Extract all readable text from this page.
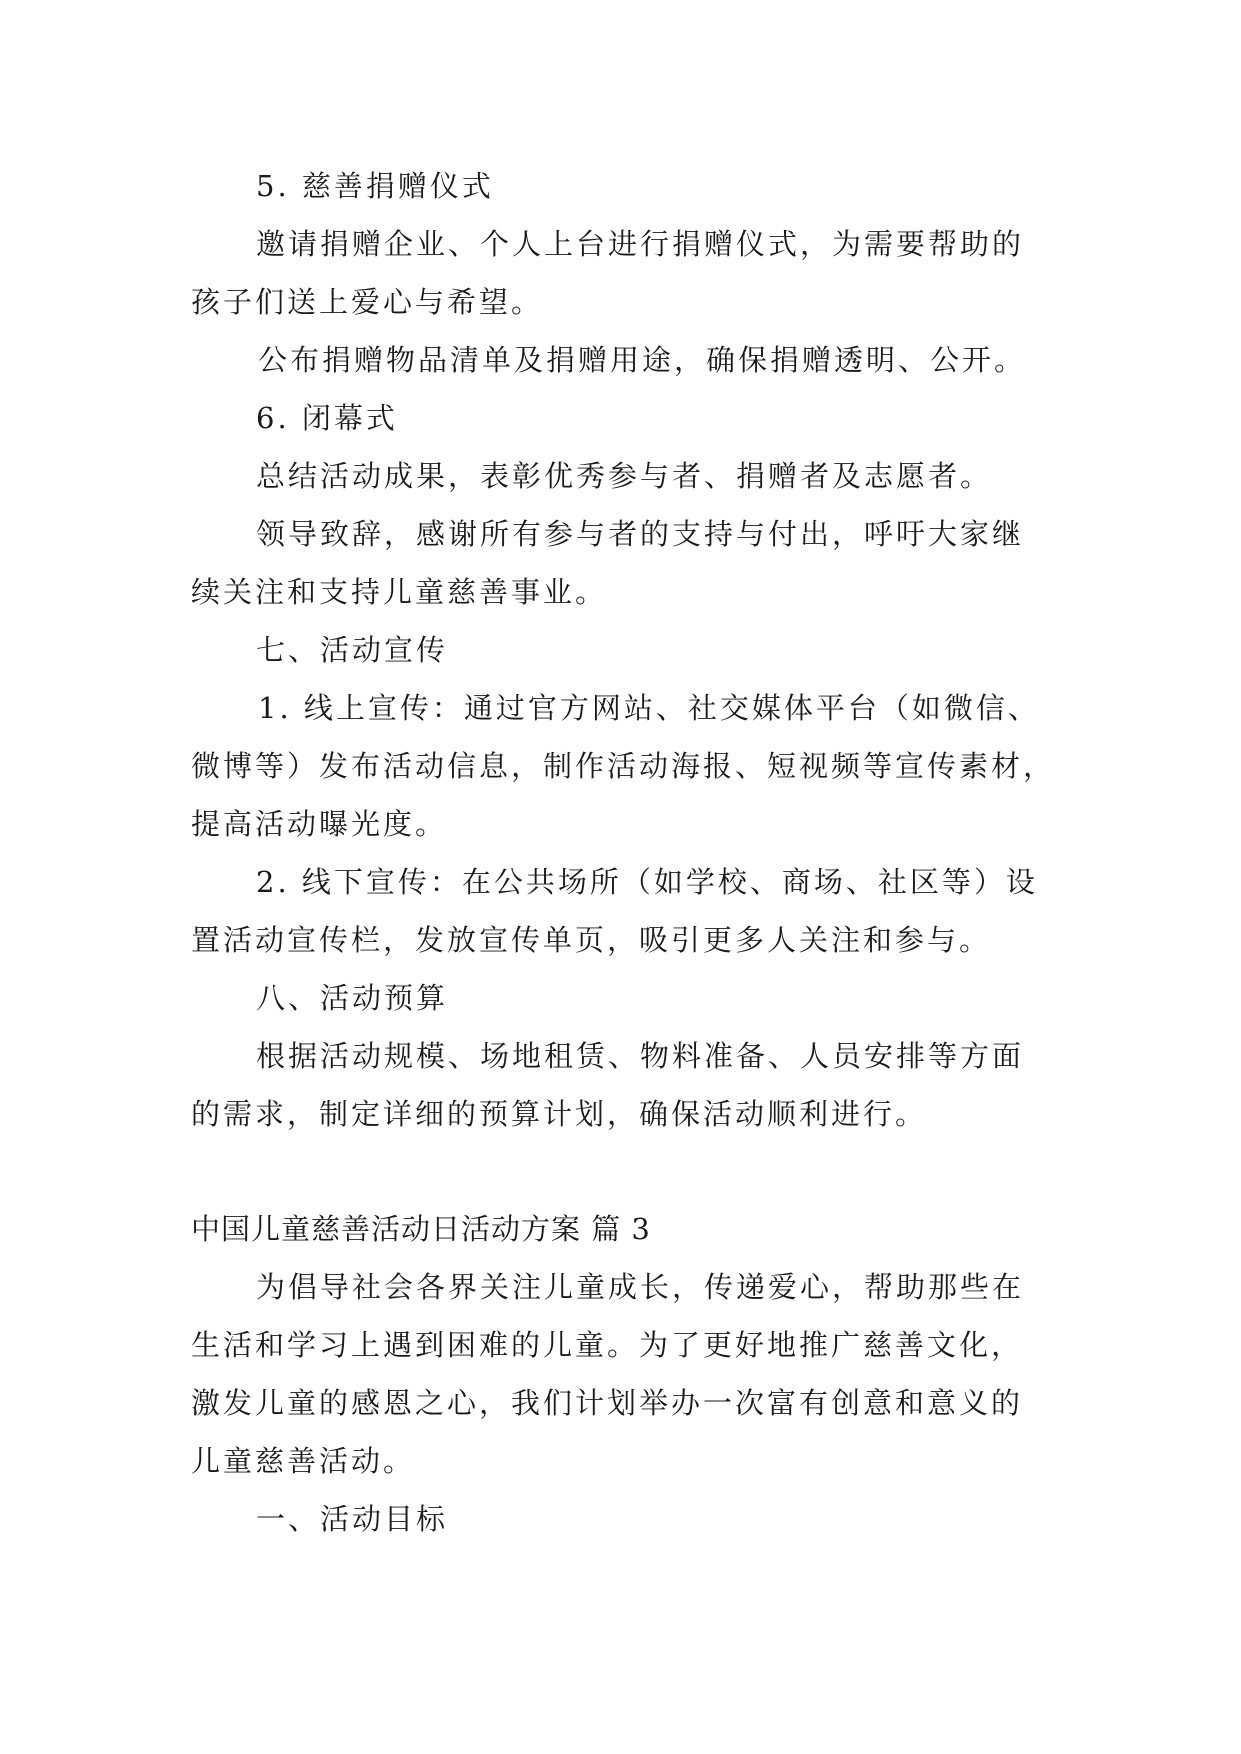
5. 慈善捐赠仪式
邀请捐赠企业、个人上台进行捐赠仪式，为需要帮助的
孩子们送上爱心与希望。
公布捐赠物品清单及捐赠用途，确保捐赠透明、公开。
6. 闭幕式
总结活动成果，表彰优秀参与者、捐赠者及志愿者。
领导致辞，感谢所有参与者的支持与付出，呼吁大家继
续关注和支持儿童慈善事业。
七、活动宣传
1. 线上宣传：通过官方网站、社交媒体平台（如微信、
微博等）发布活动信息，制作活动海报、短视频等宣传素材，
提高活动曝光度。
2. 线下宣传：在公共场所（如学校、商场、社区等）设
置活动宣传栏，发放宣传单页，吸引更多人关注和参与。
八、活动预算
根据活动规模、场地租赁、物料准备、人员安排等方面
的需求，制定详细的预算计划，确保活动顺利进行。
中国儿童慈善活动日活动方案 篇 3
为倡导社会各界关注儿童成长，传递爱心，帮助那些在
生活和学习上遇到困难的儿童。为了更好地推广慈善文化，
激发儿童的感恩之心，我们计划举办一次富有创意和意义的
儿童慈善活动。
一、活动目标
